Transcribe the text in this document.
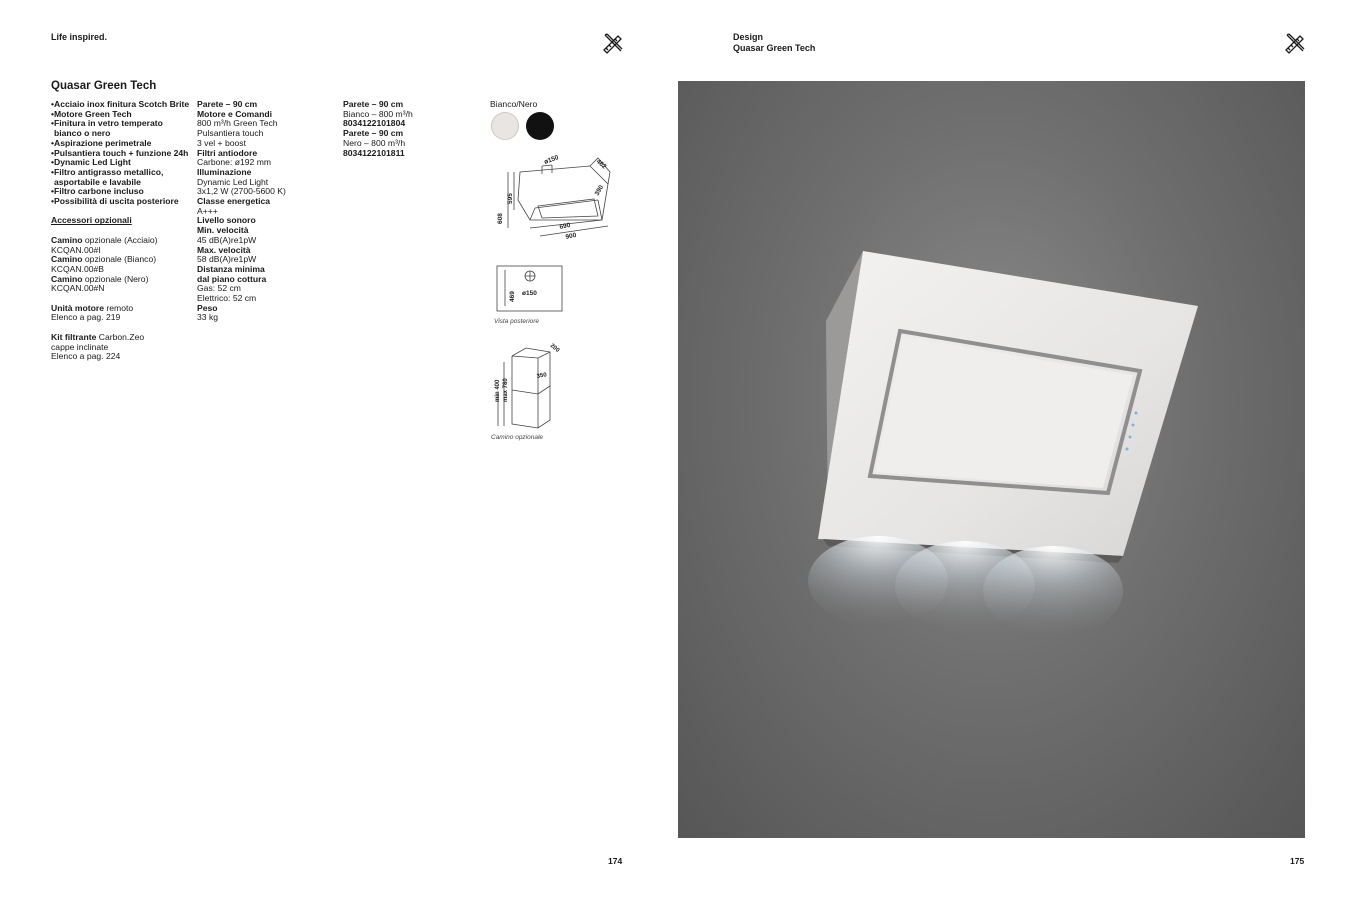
Life inspired.
Quasar Green Tech
•Acciaio inox finitura Scotch Brite
•Motore Green Tech
•Finitura in vetro temperato
bianco o nero
•Aspirazione perimetrale
•Pulsantiera touch + funzione 24h
•Dynamic Led Light
•Filtro antigrasso metallico,
asportabile e lavabile
•Filtro carbone incluso
•Possibilità di uscita posteriore
Accessori opzionali
Camino opzionale (Acciaio)
KCQAN.00#I
Camino opzionale (Bianco)
KCQAN.00#B
Camino opzionale (Nero)
KCQAN.00#N
Unità motore remoto
Elenco a pag. 219
Kit filtrante Carbon.Zeo
cappe inclinate
Elenco a pag. 224
Parete – 90 cm
Motore e Comandi
800 m³/h Green Tech
Pulsantiera touch
3 vel + boost
Filtri antiodore
Carbone: ø192 mm
Illuminazione
Dynamic Led Light
3x1,2 W (2700-5600 K)
Classe energetica
A+++
Livello sonoro
Min. velocità
45 dB(A)re1pW
Max. velocità
58 dB(A)re1pW
Distanza minima
dal piano cottura
Gas: 52 cm
Elettrico: 52 cm
Peso
33 kg
Parete – 90 cm
Bianco – 800 m³/h
8034122101804
Parete – 90 cm
Nero – 800 m³/h
8034122101811
Bianco/Nero
ø150	462
390
595
608
690
900
469 ø150
Vista posteriore
200
350
min 400 max 780
Camino opzionale
174
Design
Quasar Green Tech
175
